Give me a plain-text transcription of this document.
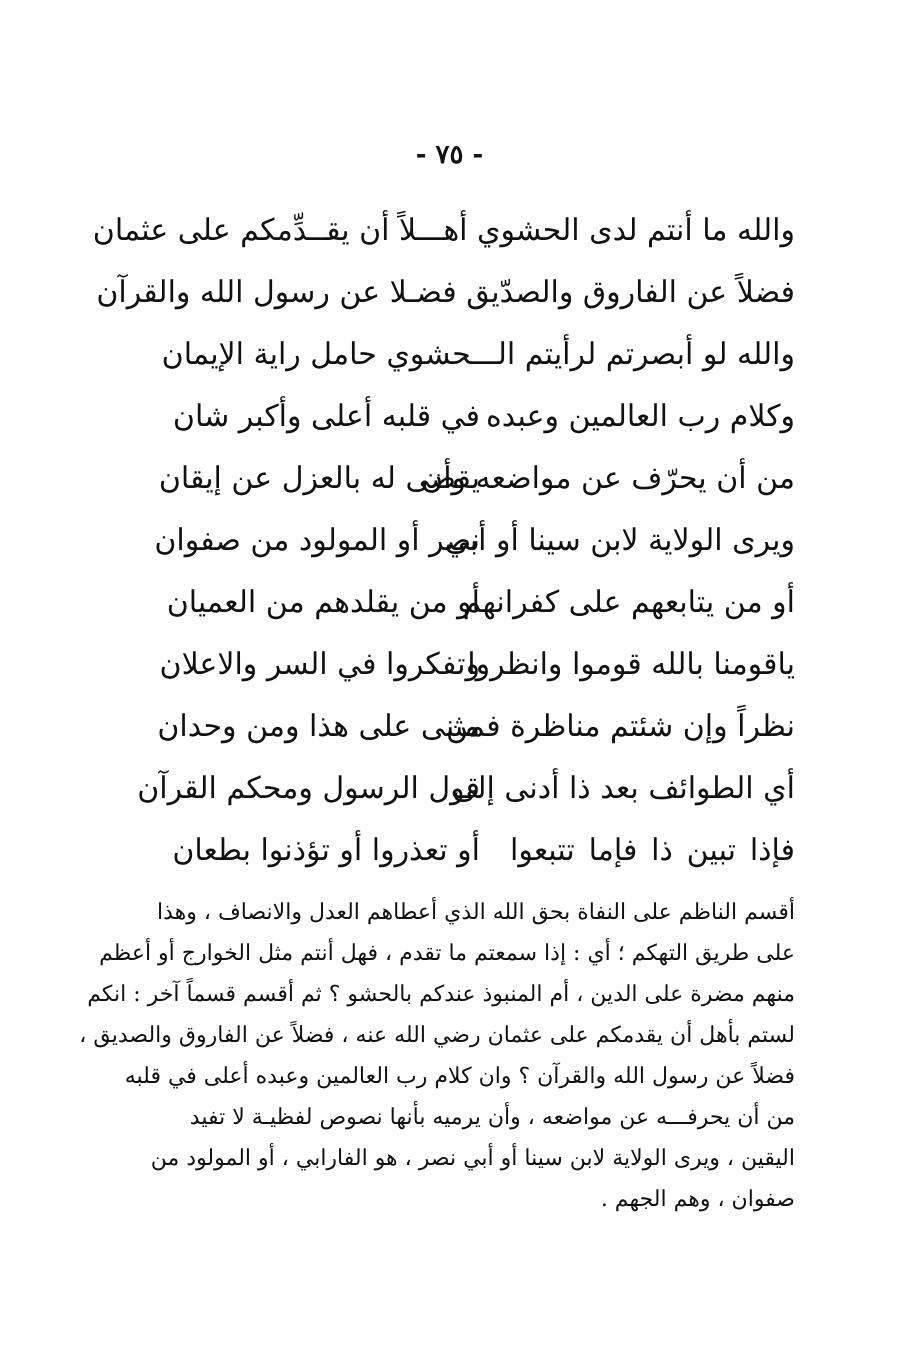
- ٧٥ -
والله ما أنتم لدى الحشوي أهـــلاً أن يقــدِّمكم على عثمان
فضلاً عن الفاروق والصدّيق فضـلا عن رسول الله والقرآن
والله لو أبصرتم لرأيتم الـــحشوي حامل راية الإيمان
وكلام رب العالمين وعبده
في قلبه أعلى وأكبر شان
من أن يحرّف عن مواضعه وأن
يقضى له بالعزل عن إيقان
ويرى الولاية لابن سينا أو أبي
نصر أو المولود من صفوان
أو من يتابعهم على كفرانهم
أو من يقلدهم من العميان
ياقومنا بالله قوموا وانظروا
وتفكروا في السر والاعلان
نظراً وإن شئتم مناظرة فمن
مثنى على هذا ومن وحدان
أي الطوائف بعد ذا أدنى إلى
قول الرسول ومحكم القرآن
فإذا تبين ذا فإما تتبعوا
أو تعذروا أو تؤذنوا بطعان
أقسم الناظم على النفاة بحق الله الذي أعطاهم العدل والانصاف ، وهذا
على طريق التهكم ؛ أي : إذا سمعتم ما تقدم ، فهل أنتم مثل الخوارج أو أعظم
منهم مضرة على الدين ، أم المنبوذ عندكم بالحشو ؟ ثم أقسم قسماً آخر : انكم
لستم بأهل أن يقدمكم على عثمان رضي الله عنه ، فضلاً عن الفاروق والصديق ،
فضلاً عن رسول الله والقرآن ؟ وان كلام رب العالمين وعبده أعلى في قلبه
من أن يحرفـــه عن مواضعه ، وأن يرميه بأنها نصوص لفظيـة لا تفيد
اليقين ، ويرى الولاية لابن سينا أو أبي نصر ، هو الفارابي ، أو المولود من
صفوان ، وهم الجهم .
